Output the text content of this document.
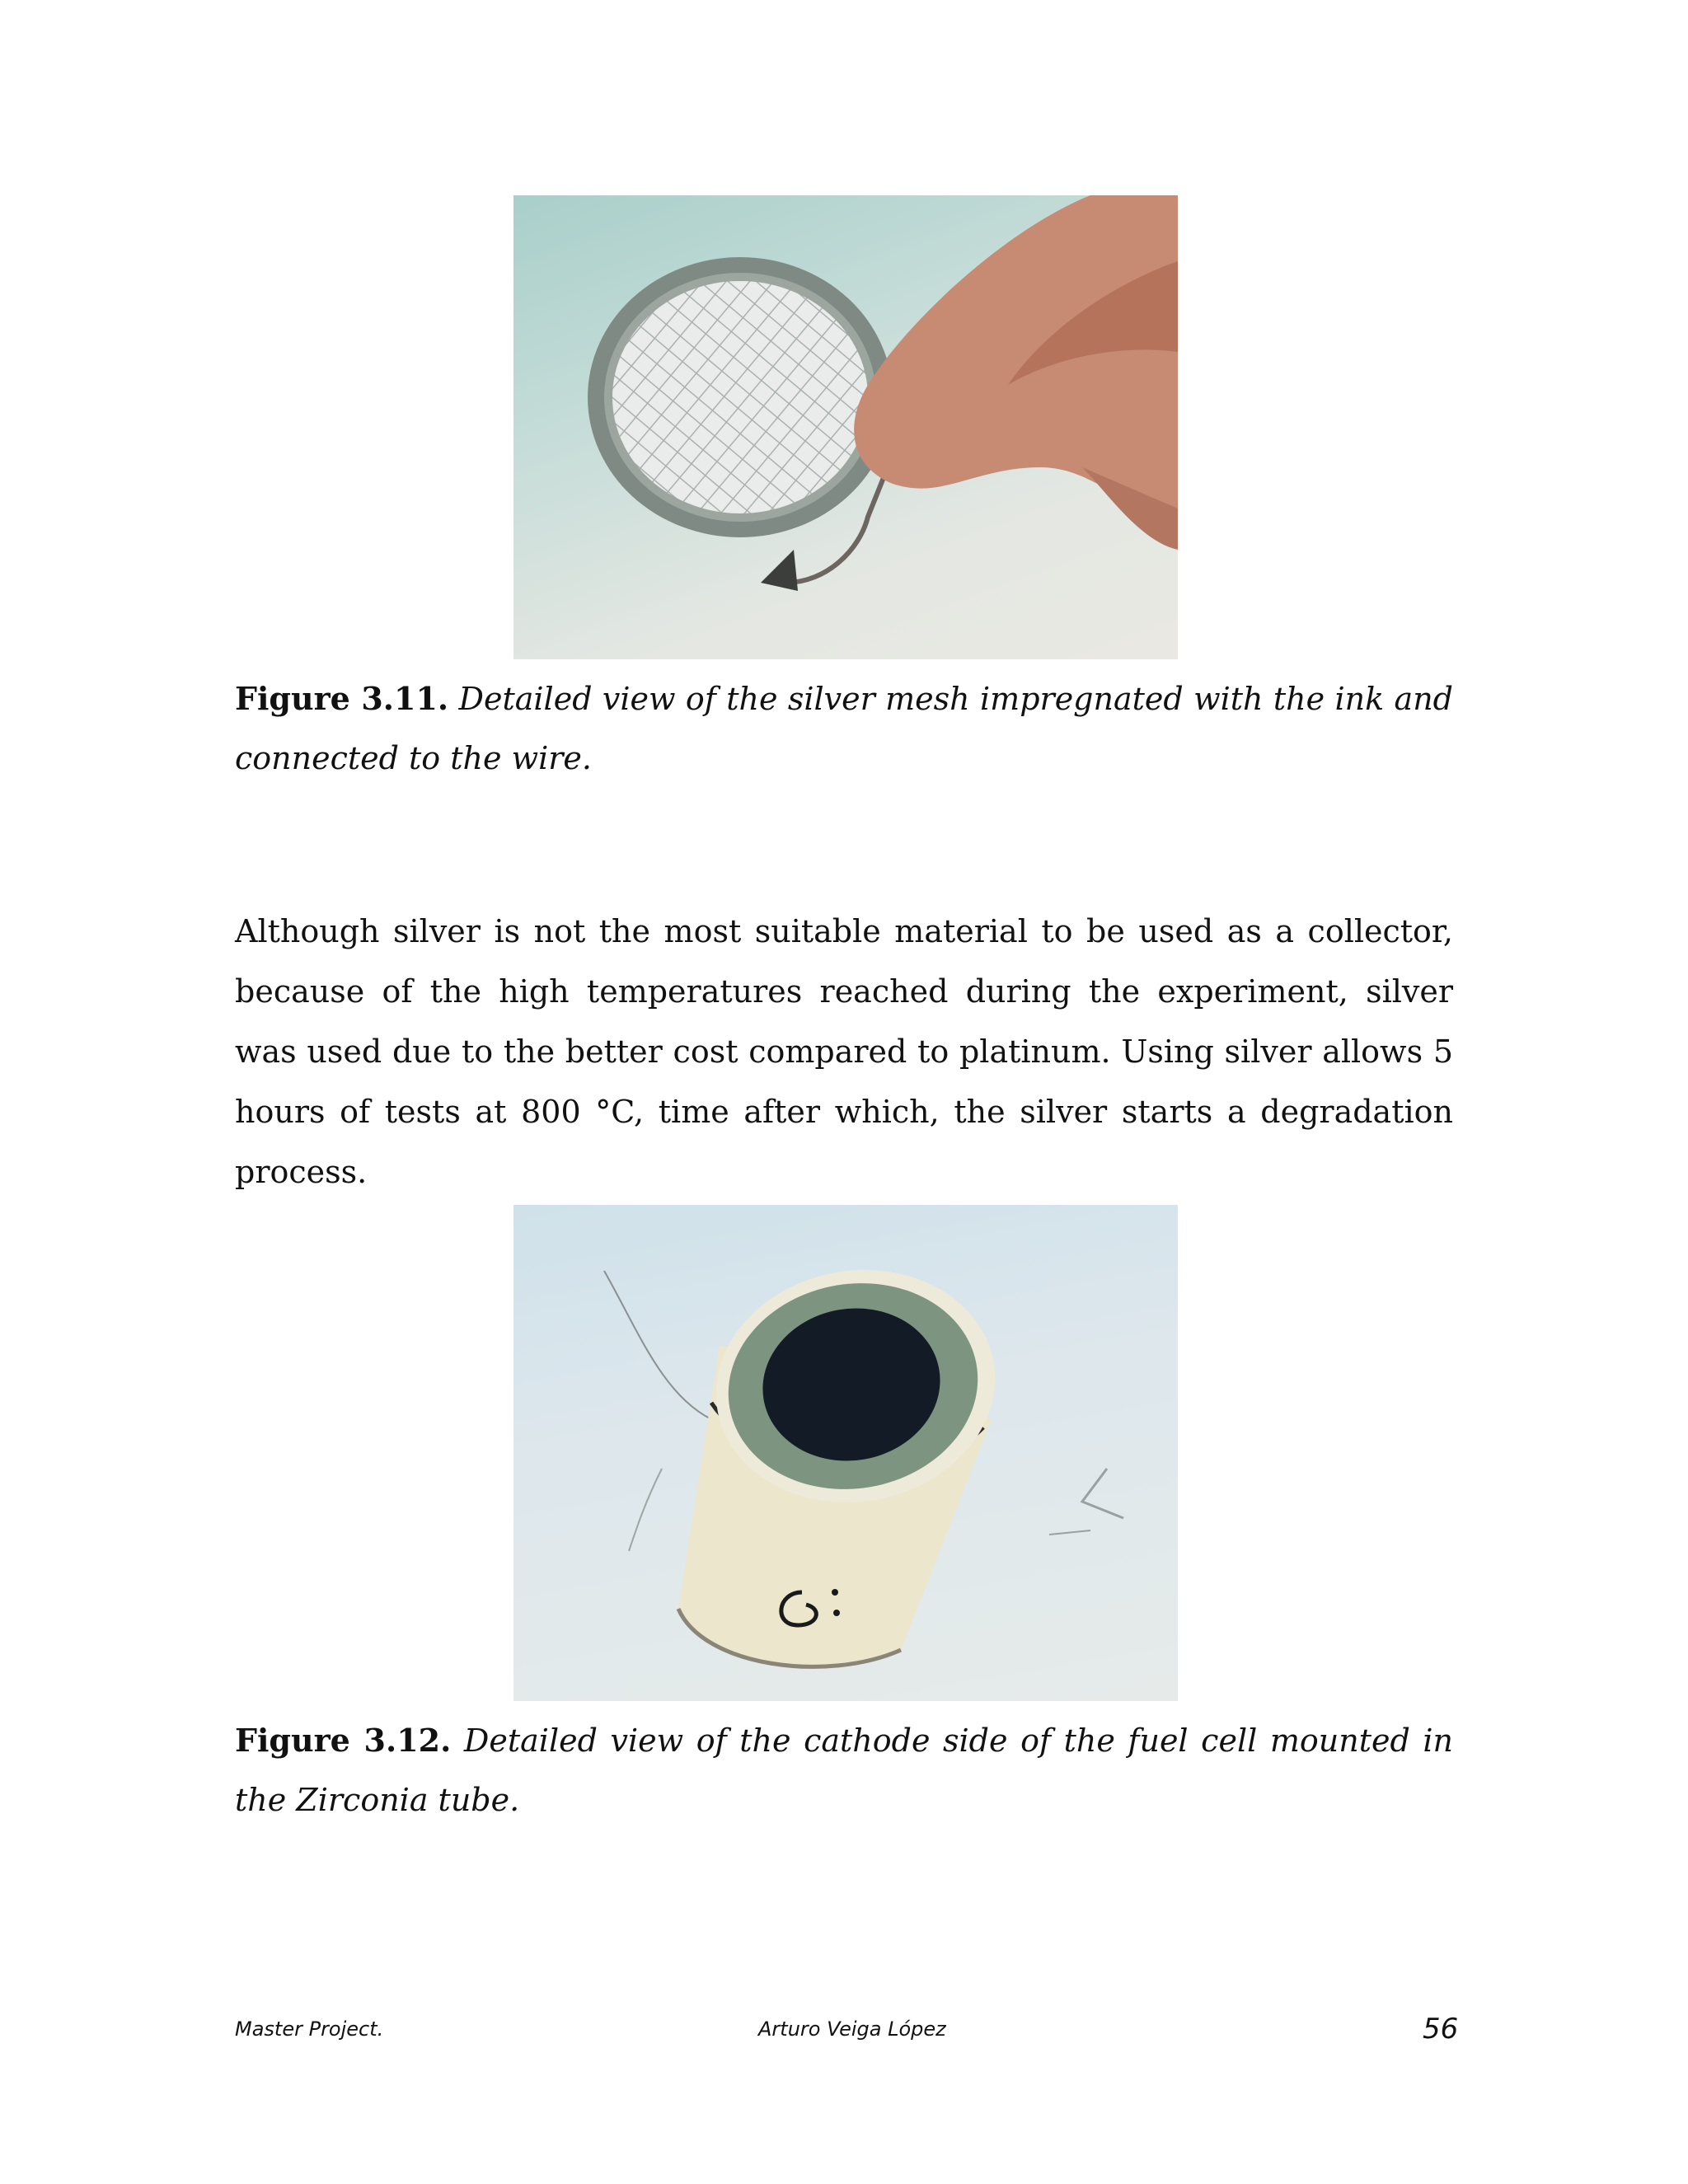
Figure 3.11. Detailed view of the silver mesh impregnated with the ink and connected to the wire.
Although silver is not the most suitable material to be used as a collector, because of the high temperatures reached during the experiment, silver was used due to the better cost compared to platinum. Using silver allows 5 hours of tests at 800 °C, time after which, the silver starts a degradation process.
Figure 3.12. Detailed view of the cathode side of the fuel cell mounted in the Zirconia tube.
Master Project.	Arturo Veiga López	56
